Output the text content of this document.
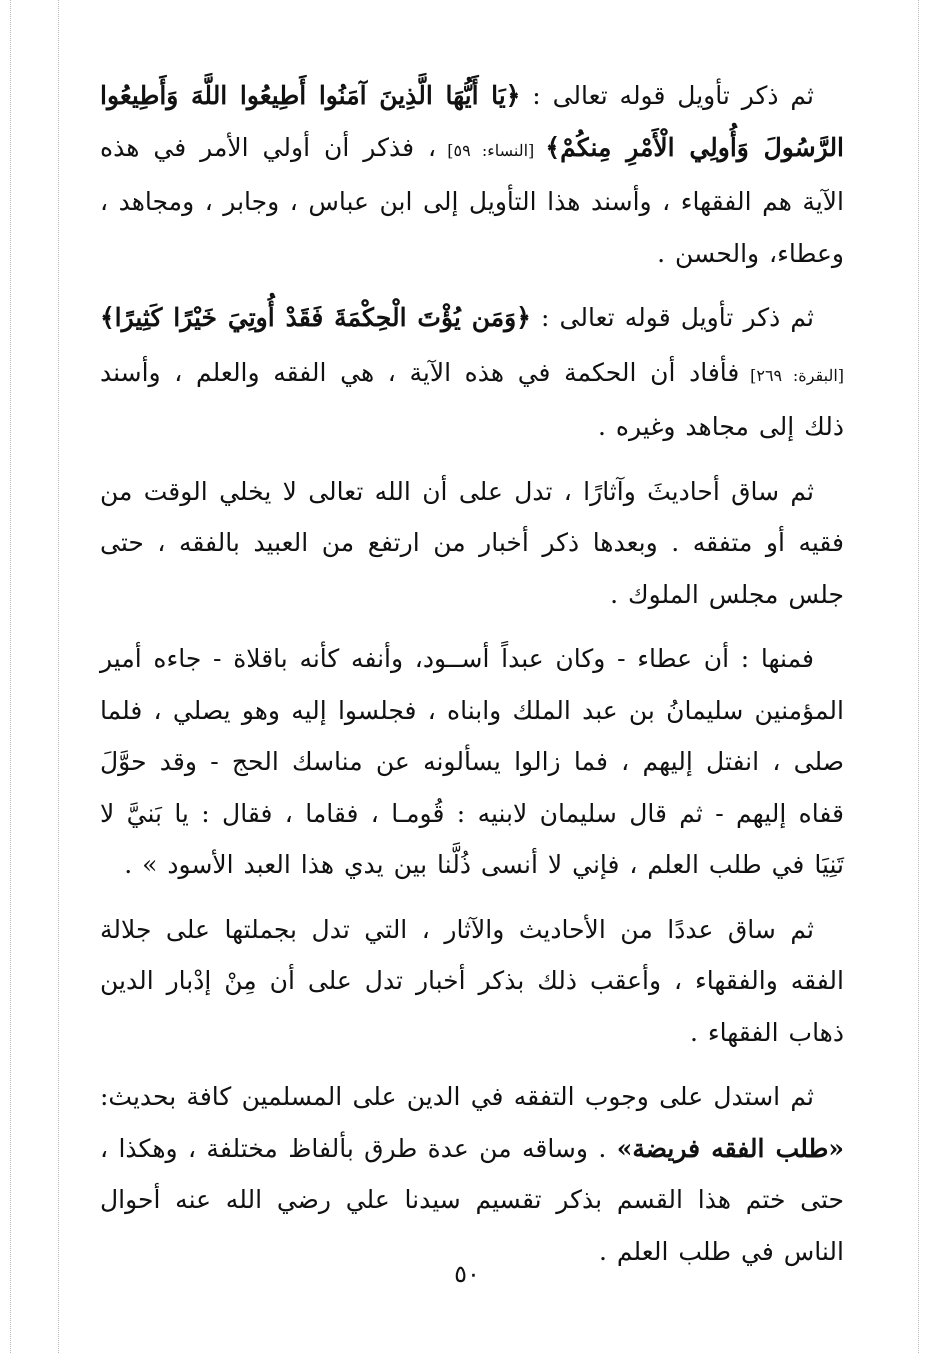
ثم ذكر تأويل قوله تعالى : ﴿يَا أَيُّهَا الَّذِينَ آمَنُوا أَطِيعُوا اللَّهَ وَأَطِيعُوا الرَّسُولَ وَأُولِي الْأَمْرِ مِنكُمْ﴾ [النساء: ٥٩] ، فذكر أن أولي الأمر في هذه الآية هم الفقهاء ، وأسند هذا التأويل إلى ابن عباس ، وجابر ، ومجاهد ، وعطاء، والحسن .

ثم ذكر تأويل قوله تعالى : ﴿وَمَن يُؤْتَ الْحِكْمَةَ فَقَدْ أُوتِيَ خَيْرًا كَثِيرًا﴾ [البقرة: ٢٦٩] فأفاد أن الحكمة في هذه الآية ، هي الفقه والعلم ، وأسند ذلك إلى مجاهد وغيره .

ثم ساق أحاديثَ وآثارًا ، تدل على أن الله تعالى لا يخلي الوقت من فقيه أو متفقه . وبعدها ذكر أخبار من ارتفع من العبيد بالفقه ، حتى جلس مجلس الملوك .

فمنها : أن عطاء - وكان عبداً أســود، وأنفه كأنه باقلاة - جاءه أمير المؤمنين سليمانُ بن عبد الملك وابناه ، فجلسوا إليه وهو يصلي ، فلما صلى ، انفتل إليهم ، فما زالوا يسألونه عن مناسك الحج - وقد حوَّلَ قفاه إليهم - ثم قال سليمان لابنيه : قُومـا ، فقاما ، فقال : يا بَنيَّ لا تَنِيَا في طلب العلم ، فإني لا أنسى ذُلَّنا بين يدي هذا العبد الأسود » .

ثم ساق عددًا من الأحاديث والآثار ، التي تدل بجملتها على جلالة الفقه والفقهاء ، وأعقب ذلك بذكر أخبار تدل على أن مِنْ إدْبار الدين ذهاب الفقهاء .

ثم استدل على وجوب التفقه في الدين على المسلمين كافة بحديث: «طلب الفقه فريضة» . وساقه من عدة طرق بألفاظ مختلفة ، وهكذا ، حتى ختم هذا القسم بذكر تقسيم سيدنا علي رضي الله عنه أحوال الناس في طلب العلم .

٥٠
